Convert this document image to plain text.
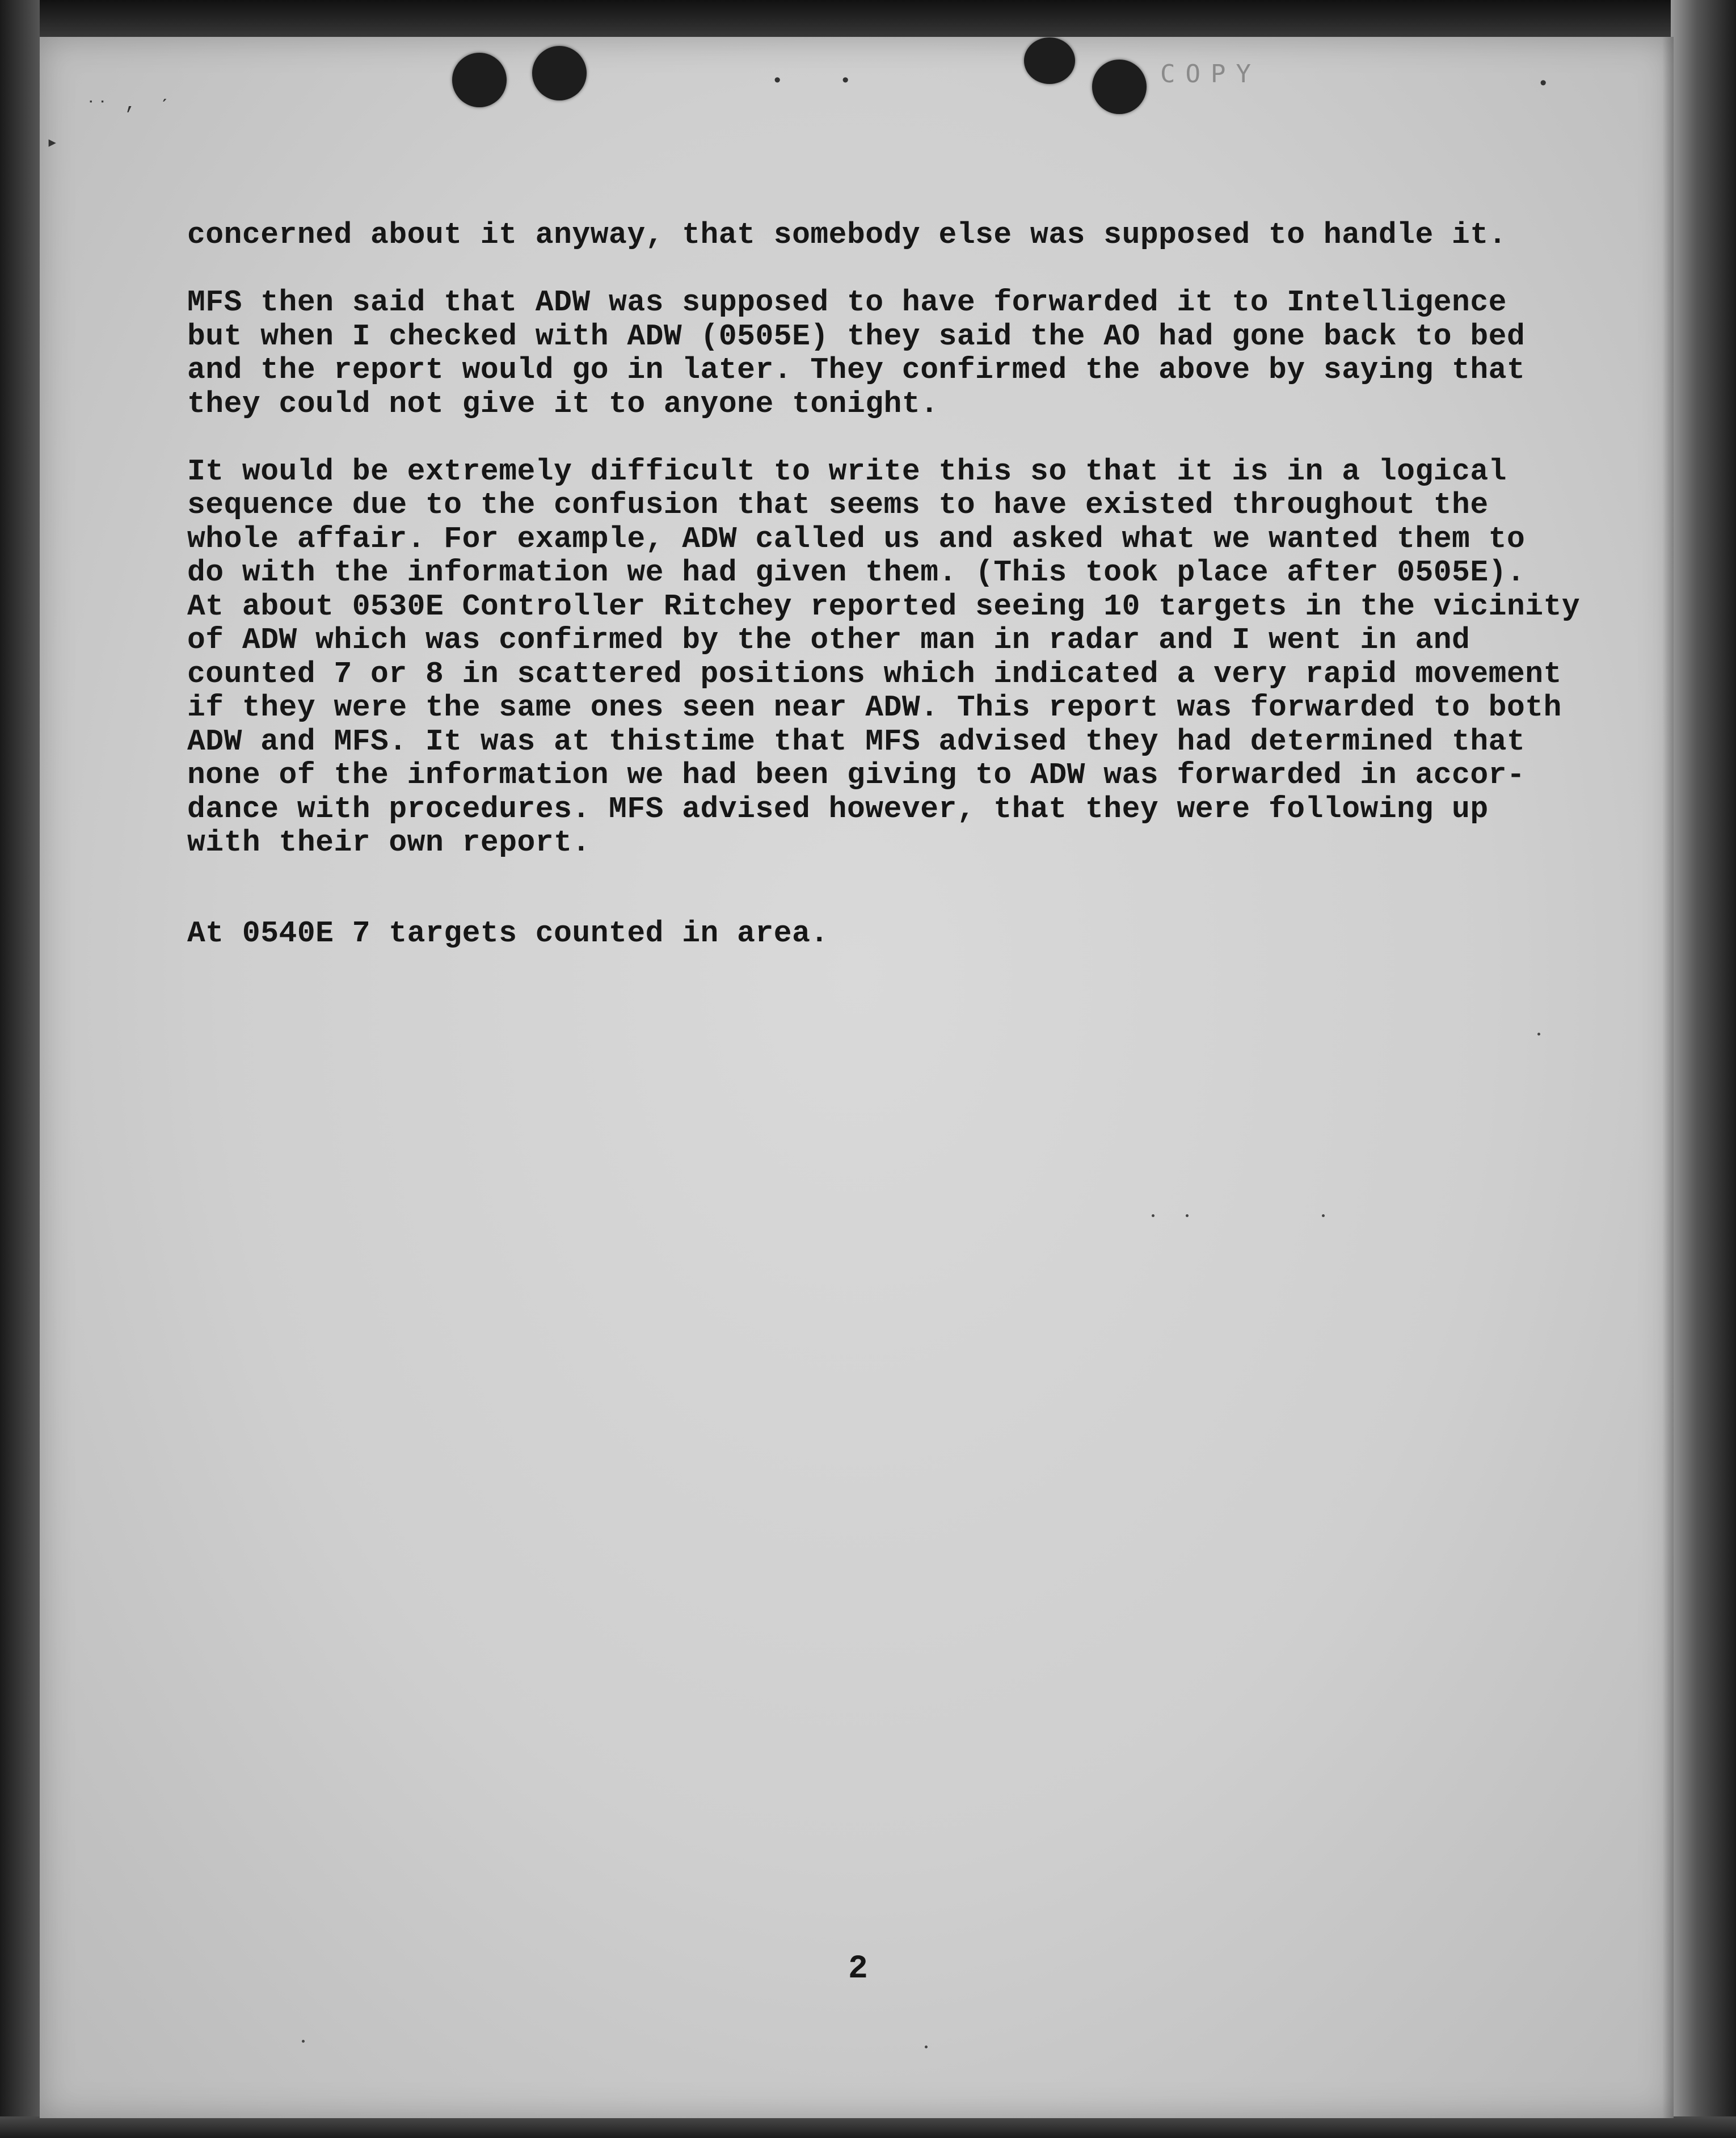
COPY
▸
˙˙ ,
ˏ
•	•	•
concerned about it anyway, that somebody else was supposed to handle it.
MFS then said that ADW was supposed to have forwarded it to Intelligence
but when I checked with ADW (0505E) they said the AO had gone back to bed
and the report would go in later. They confirmed the above by saying that
they could not give it to anyone tonight.
It would be extremely difficult to write this so that it is in a logical
sequence due to the confusion that seems to have existed throughout the
whole affair. For example, ADW called us and asked what we wanted them to
do with the information we had given them. (This took place after 0505E).
At about 0530E Controller Ritchey reported seeing 10 targets in the vicinity
of ADW which was confirmed by the other man in radar and I went in and
counted 7 or 8 in scattered positions which indicated a very rapid movement
if they were the same ones seen near ADW. This report was forwarded to both
ADW and MFS. It was at thistime that MFS advised they had determined that
none of the information we had been giving to ADW was forwarded in accor-
dance with procedures. MFS advised however, that they were following up
with their own report.
At 0540E 7 targets counted in area.
2
